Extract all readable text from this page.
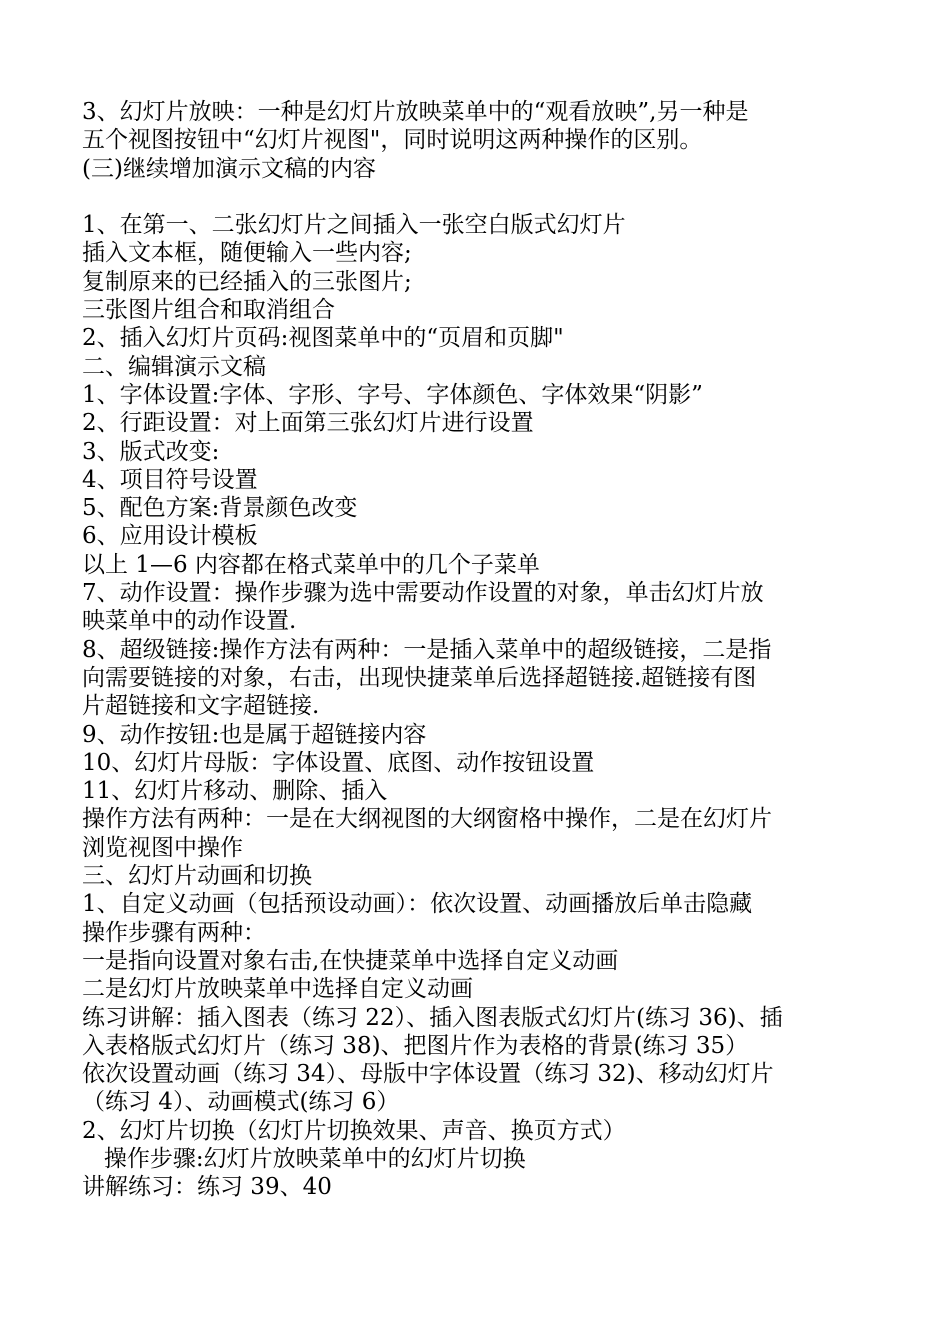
3、幻灯片放映：一种是幻灯片放映菜单中的“观看放映”,另一种是
五个视图按钮中“幻灯片视图"，同时说明这两种操作的区别。
(三)继续增加演示文稿的内容
1、在第一、二张幻灯片之间插入一张空白版式幻灯片
插入文本框，随便输入一些内容;
复制原来的已经插入的三张图片;
三张图片组合和取消组合
2、插入幻灯片页码:视图菜单中的“页眉和页脚"
二、编辑演示文稿
1、字体设置:字体、字形、字号、字体颜色、字体效果“阴影”
2、行距设置：对上面第三张幻灯片进行设置
3、版式改变:
4、项目符号设置
5、配色方案:背景颜色改变
6、应用设计模板
以上 1—6 内容都在格式菜单中的几个子菜单
7、动作设置：操作步骤为选中需要动作设置的对象，单击幻灯片放
映菜单中的动作设置.
8、超级链接:操作方法有两种：一是插入菜单中的超级链接，二是指
向需要链接的对象，右击，出现快捷菜单后选择超链接.超链接有图
片超链接和文字超链接.
9、动作按钮:也是属于超链接内容
10、幻灯片母版：字体设置、底图、动作按钮设置
11、幻灯片移动、删除、插入
操作方法有两种：一是在大纲视图的大纲窗格中操作，二是在幻灯片
浏览视图中操作
三、幻灯片动画和切换
1、自定义动画（包括预设动画）：依次设置、动画播放后单击隐藏
操作步骤有两种：
一是指向设置对象右击,在快捷菜单中选择自定义动画
二是幻灯片放映菜单中选择自定义动画
练习讲解：插入图表（练习 22）、插入图表版式幻灯片(练习 36)、插
入表格版式幻灯片（练习 38)、把图片作为表格的背景(练习 35）
依次设置动画（练习 34）、母版中字体设置（练习 32)、移动幻灯片
（练习 4）、动画模式(练习 6）
2、幻灯片切换（幻灯片切换效果、声音、换页方式）
操作步骤:幻灯片放映菜单中的幻灯片切换
讲解练习：练习 39、40
